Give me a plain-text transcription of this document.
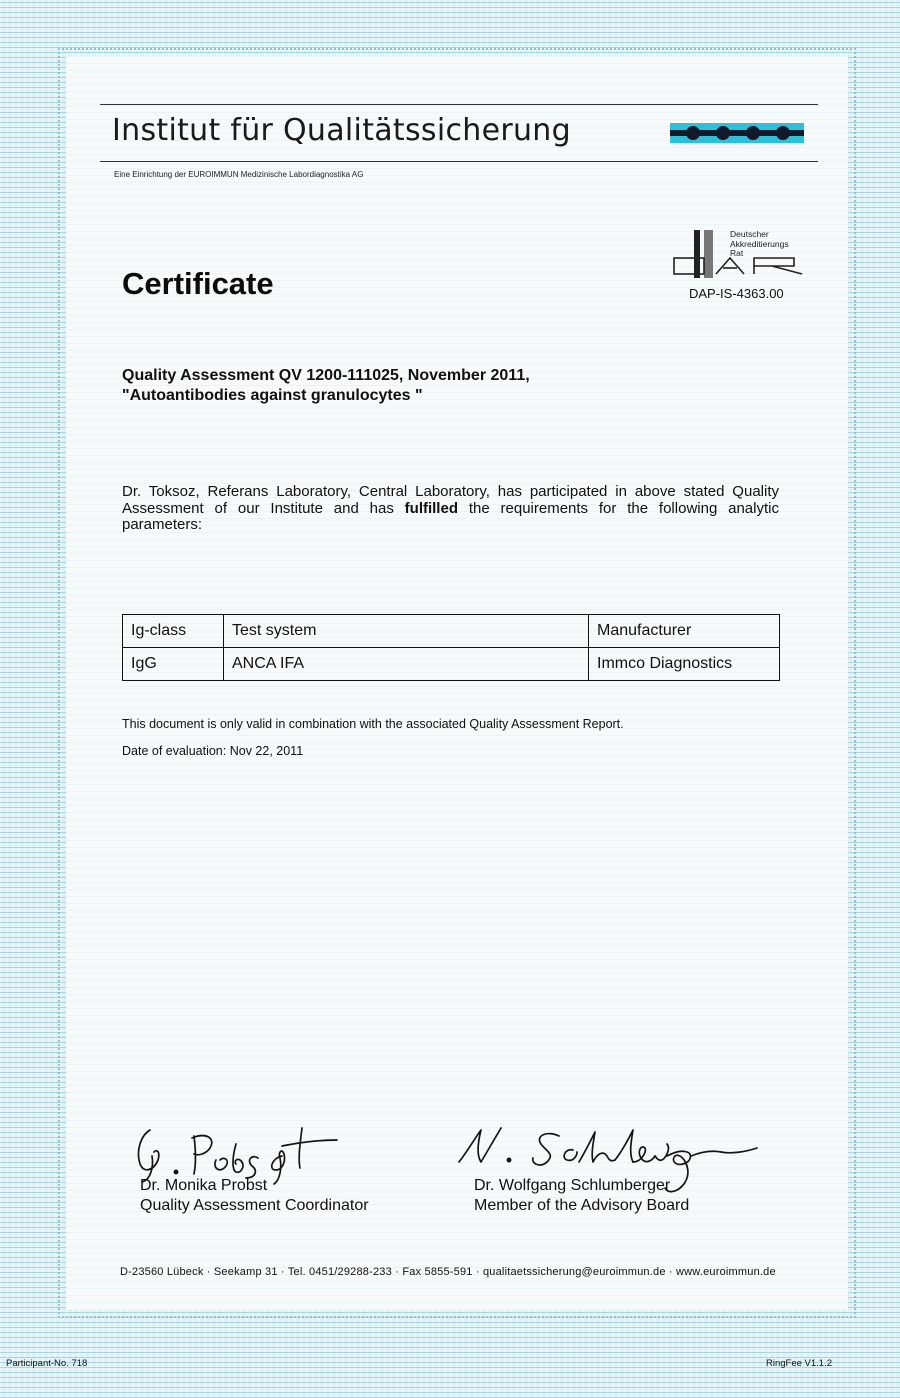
Institut für Qualitätssicherung
Eine Einrichtung der EUROIMMUN Medizinische Labordiagnostika AG
Deutscher
Akkreditierungs
Rat
DAP-IS-4363.00
Certificate
Quality Assessment QV 1200-111025, November 2011,
"Autoantibodies against granulocytes "
Dr. Toksoz, Referans Laboratory, Central Laboratory, has participated in above stated Quality Assessment of our Institute and has fulfilled the requirements for the following analytic parameters:
Ig-class	Test system	Manufacturer
IgG	ANCA IFA	Immco Diagnostics
This document is only valid in combination with the associated Quality Assessment Report.
Date of evaluation: Nov 22, 2011
Dr. Monika Probst
Quality Assessment Coordinator
Dr. Wolfgang Schlumberger
Member of the Advisory Board
D-23560 Lübeck · Seekamp 31 · Tel. 0451/29288-233 · Fax 5855-591 · qualitaetssicherung@euroimmun.de · www.euroimmun.de
Participant-No. 718	RingFee V1.1.2
